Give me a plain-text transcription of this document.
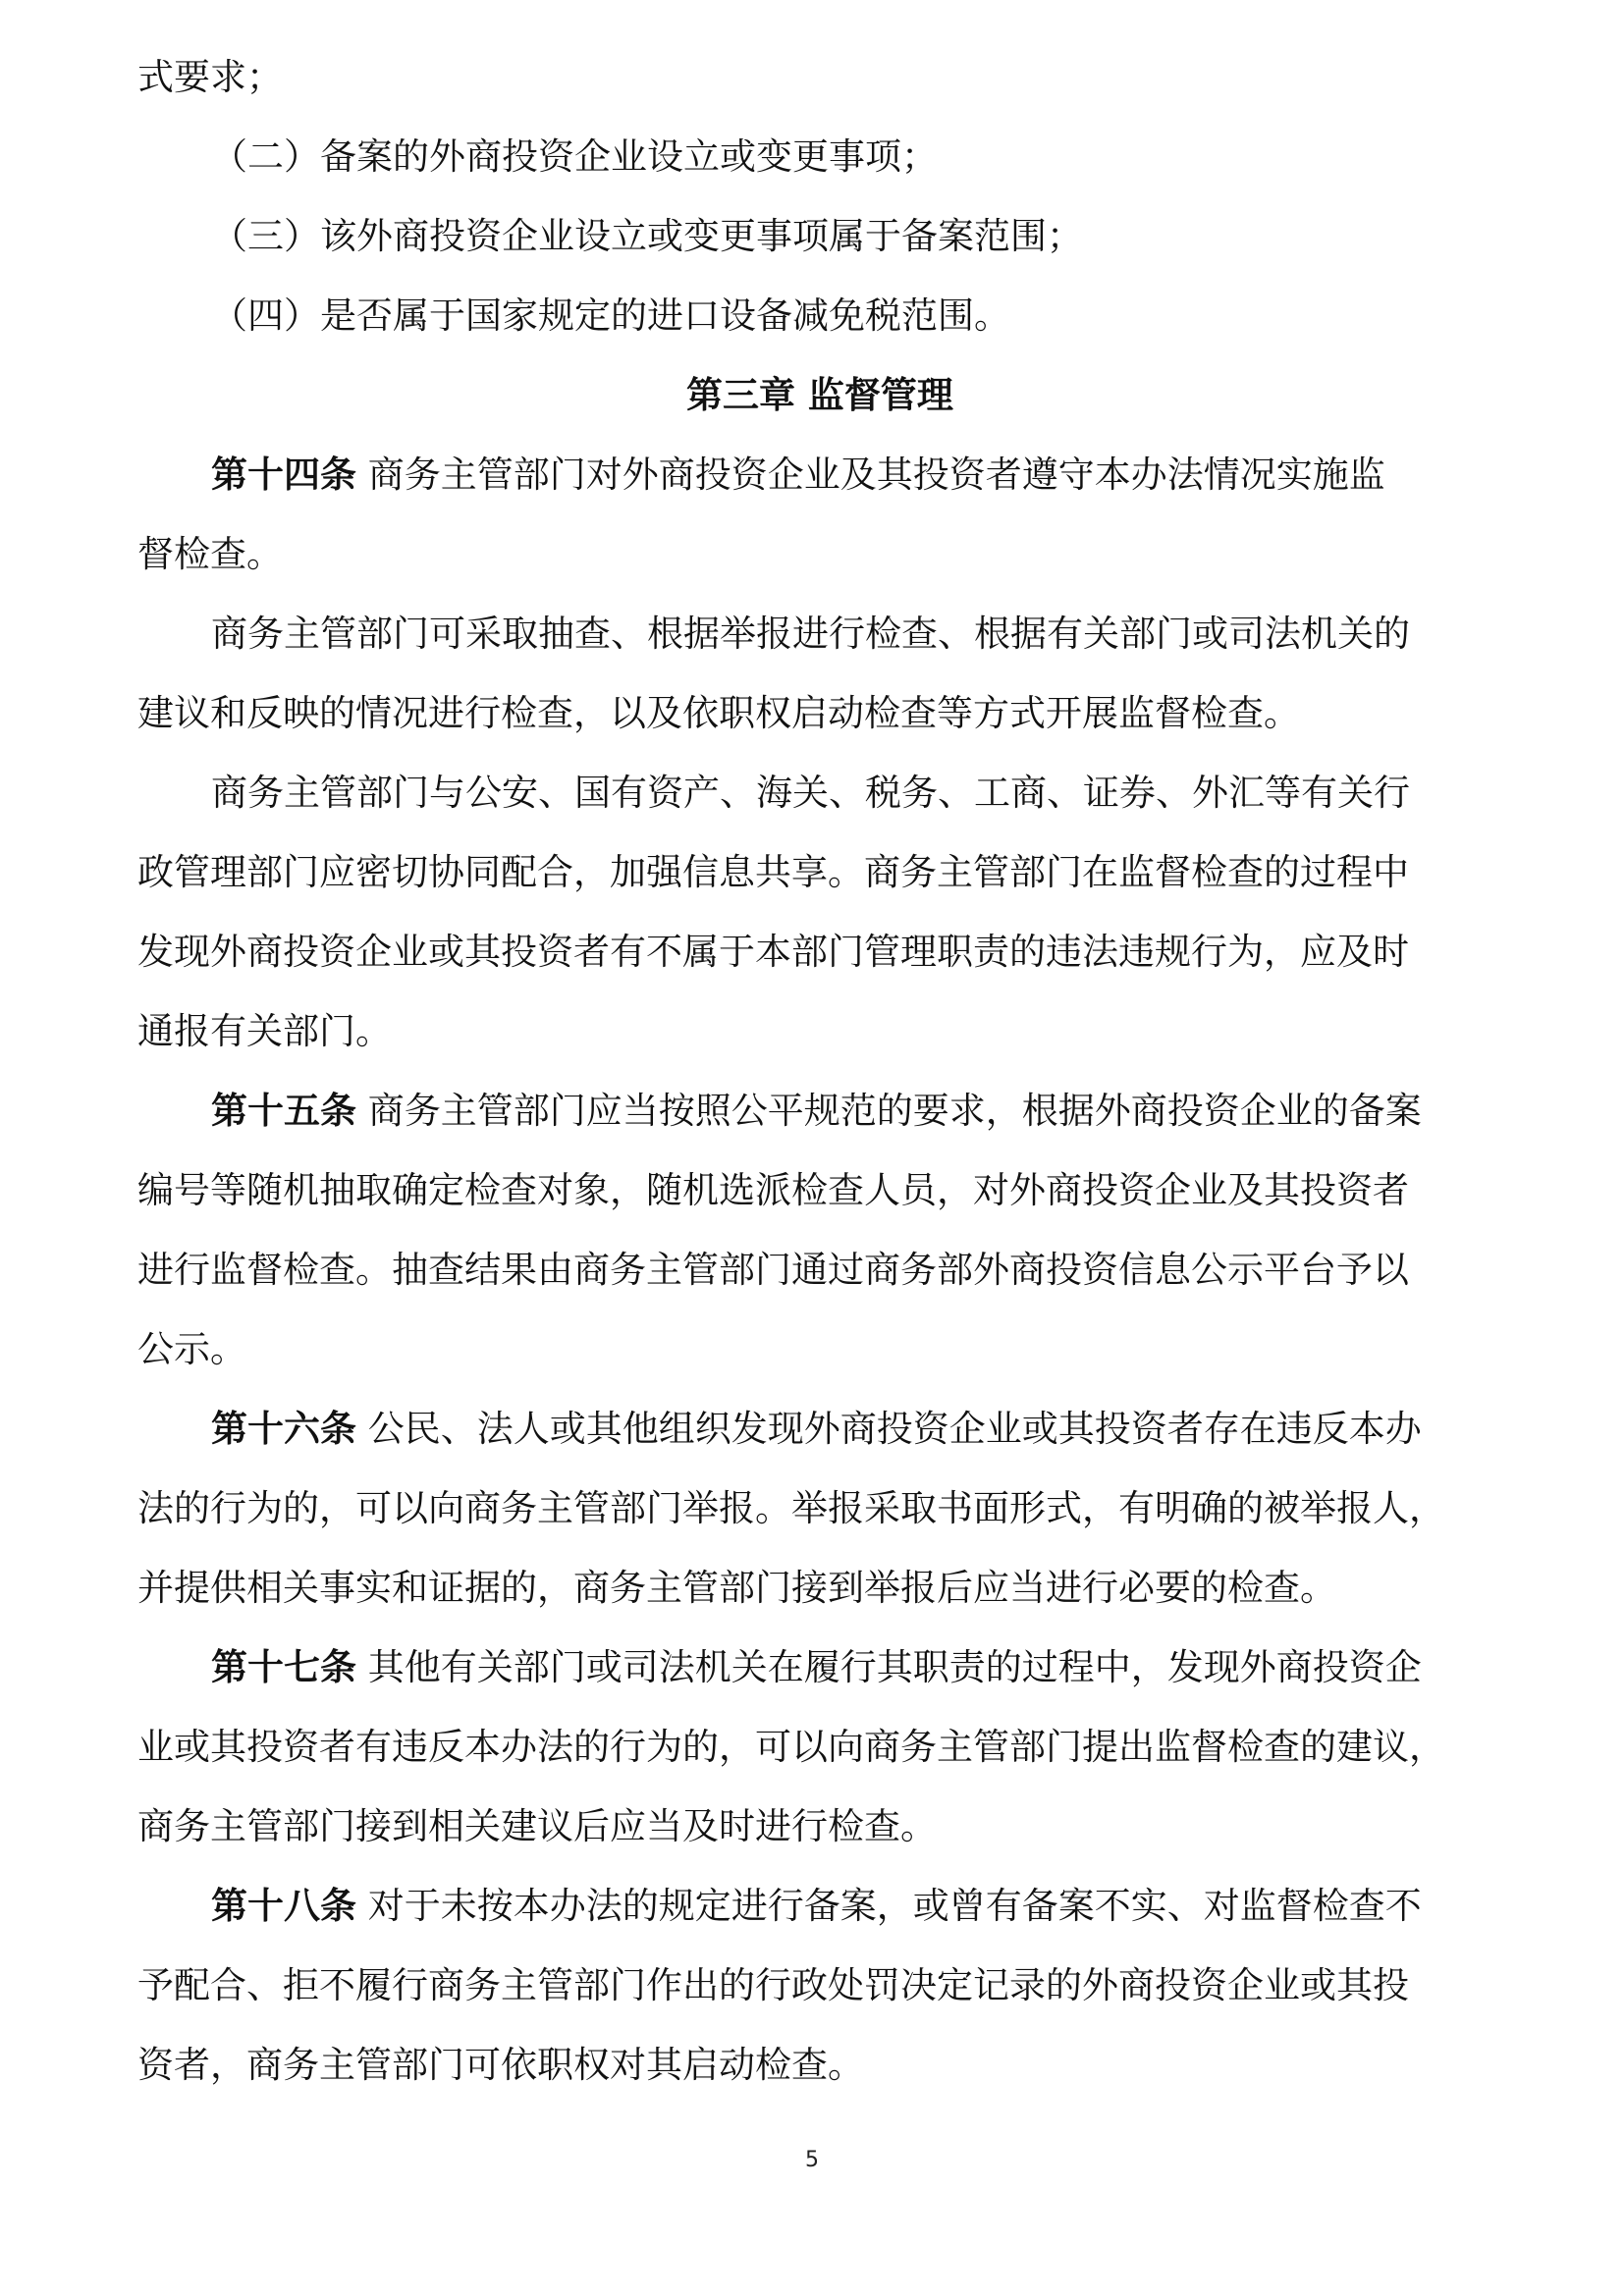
式要求；
（二）备案的外商投资企业设立或变更事项；
（三）该外商投资企业设立或变更事项属于备案范围；
（四）是否属于国家规定的进口设备减免税范围。
第三章 监督管理
第十四条 商务主管部门对外商投资企业及其投资者遵守本办法情况实施监
督检查。
商务主管部门可采取抽查、根据举报进行检查、根据有关部门或司法机关的
建议和反映的情况进行检查，以及依职权启动检查等方式开展监督检查。
商务主管部门与公安、国有资产、海关、税务、工商、证券、外汇等有关行
政管理部门应密切协同配合，加强信息共享。商务主管部门在监督检查的过程中
发现外商投资企业或其投资者有不属于本部门管理职责的违法违规行为，应及时
通报有关部门。
第十五条 商务主管部门应当按照公平规范的要求，根据外商投资企业的备案
编号等随机抽取确定检查对象，随机选派检查人员，对外商投资企业及其投资者
进行监督检查。抽查结果由商务主管部门通过商务部外商投资信息公示平台予以
公示。
第十六条 公民、法人或其他组织发现外商投资企业或其投资者存在违反本办
法的行为的，可以向商务主管部门举报。举报采取书面形式，有明确的被举报人，
并提供相关事实和证据的，商务主管部门接到举报后应当进行必要的检查。
第十七条 其他有关部门或司法机关在履行其职责的过程中，发现外商投资企
业或其投资者有违反本办法的行为的，可以向商务主管部门提出监督检查的建议，
商务主管部门接到相关建议后应当及时进行检查。
第十八条 对于未按本办法的规定进行备案，或曾有备案不实、对监督检查不
予配合、拒不履行商务主管部门作出的行政处罚决定记录的外商投资企业或其投
资者，商务主管部门可依职权对其启动检查。
5
